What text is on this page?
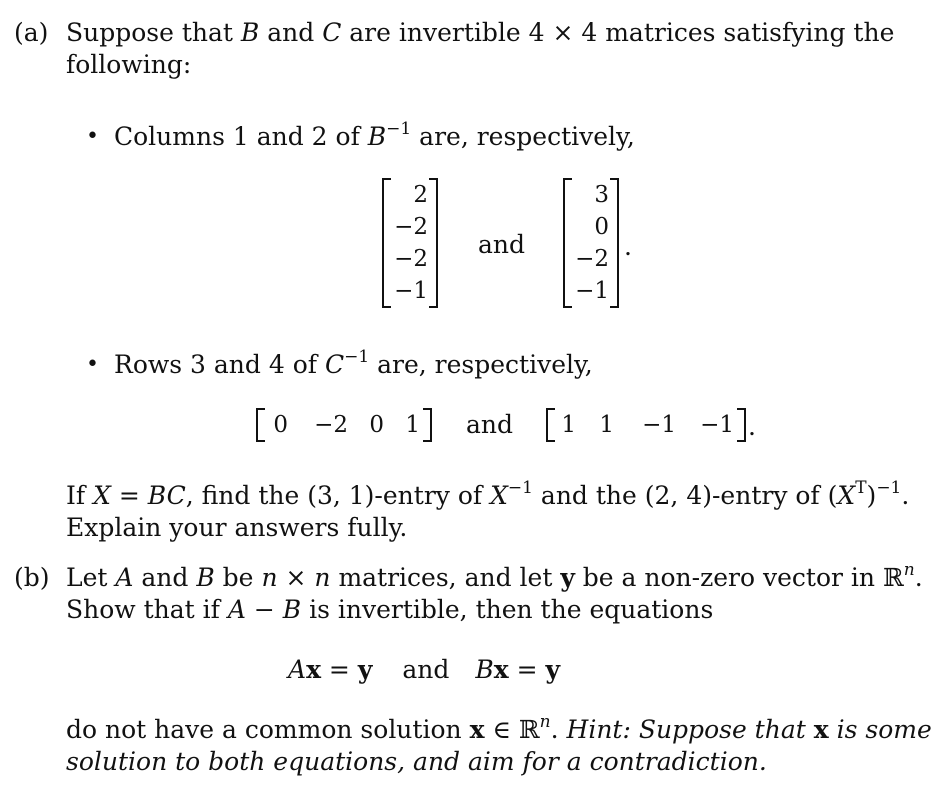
(a) Suppose that B and C are invertible 4 × 4 matrices satisfying the
following:
• Columns 1 and 2 of $B^{-1}$ are, respectively,
2
−2
−2
−1
and
3
0
−2
−1
.
• Rows 3 and 4 of $C^{-1}$ are, respectively,
0	−2 0 1 and 1	1	−1	−1 .
If X = BC, find the (3, 1)-entry of $X^{-1}$ and the (2, 4)-entry of $(X^T)^{-1}$.
Explain your answers fully.
(b) Let A and B be n × n matrices, and let y be a non-zero vector in ℝ$^n$.
Show that if A − B is invertible, then the equations
Ax = y and Bx = y
do not have a common solution x ∈ ℝ$^n$. Hint: Suppose that x is some
solution to both equations, and aim for a contradiction.
